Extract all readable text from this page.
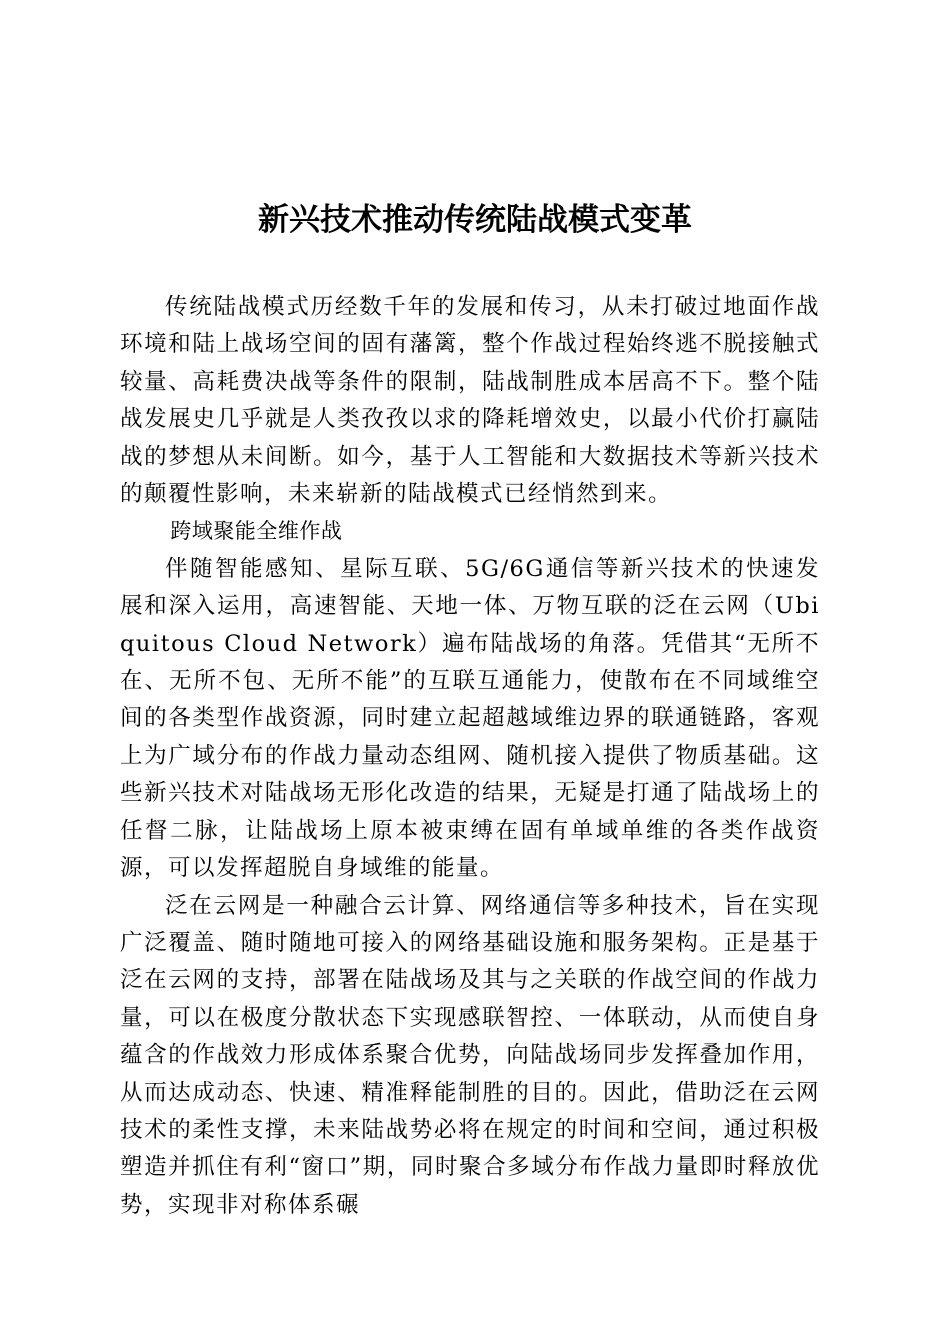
新兴技术推动传统陆战模式变革

传统陆战模式历经数千年的发展和传习，从未打破过地面作战环境和陆上战场空间的固有藩篱，整个作战过程始终逃不脱接触式较量、高耗费决战等条件的限制，陆战制胜成本居高不下。整个陆战发展史几乎就是人类孜孜以求的降耗增效史，以最小代价打赢陆战的梦想从未间断。如今，基于人工智能和大数据技术等新兴技术的颠覆性影响，未来崭新的陆战模式已经悄然到来。

跨域聚能全维作战

伴随智能感知、星际互联、5G/6G通信等新兴技术的快速发展和深入运用，高速智能、天地一体、万物互联的泛在云网（Ubiquitous Cloud Network）遍布陆战场的角落。凭借其“无所不在、无所不包、无所不能”的互联互通能力，使散布在不同域维空间的各类型作战资源，同时建立起超越域维边界的联通链路，客观上为广域分布的作战力量动态组网、随机接入提供了物质基础。这些新兴技术对陆战场无形化改造的结果，无疑是打通了陆战场上的任督二脉，让陆战场上原本被束缚在固有单域单维的各类作战资源，可以发挥超脱自身域维的能量。

泛在云网是一种融合云计算、网络通信等多种技术，旨在实现广泛覆盖、随时随地可接入的网络基础设施和服务架构。正是基于泛在云网的支持，部署在陆战场及其与之关联的作战空间的作战力量，可以在极度分散状态下实现感联智控、一体联动，从而使自身蕴含的作战效力形成体系聚合优势，向陆战场同步发挥叠加作用，从而达成动态、快速、精准释能制胜的目的。因此，借助泛在云网技术的柔性支撑，未来陆战势必将在规定的时间和空间，通过积极塑造并抓住有利“窗口”期，同时聚合多域分布作战力量即时释放优势，实现非对称体系碾
